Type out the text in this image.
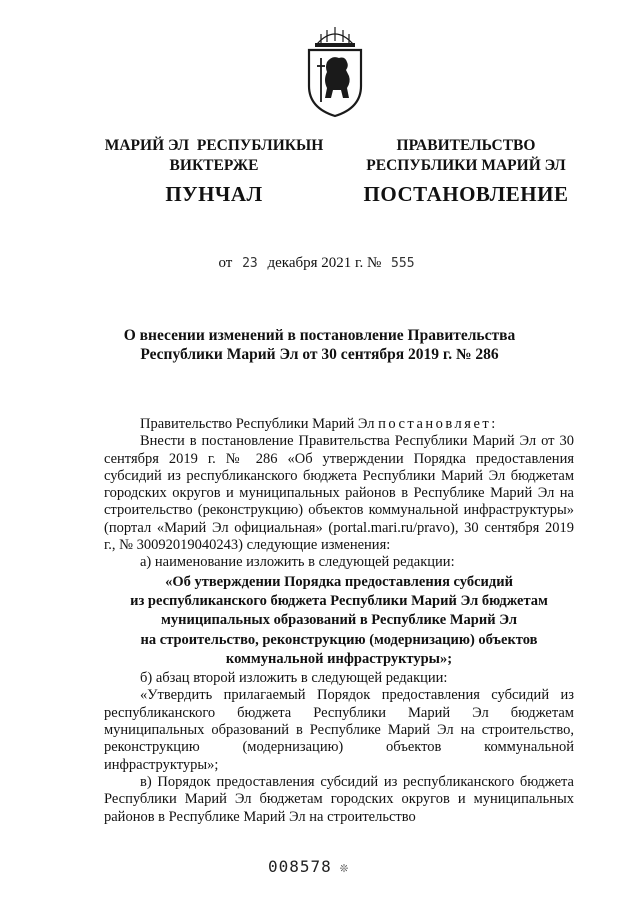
МАРИЙ ЭЛ  РЕСПУБЛИКЫН
ВИКТЕРЖЕ
ПУНЧАЛ
ПРАВИТЕЛЬСТВО
РЕСПУБЛИКИ МАРИЙ ЭЛ
ПОСТАНОВЛЕНИЕ
от 23 декабря 2021 г. № 555
О внесении изменений в постановление Правительства
Республики Марий Эл от 30 сентября 2019 г. № 286

Правительство Республики Марий Эл постановляет:

Внести в постановление Правительства Республики Марий Эл от 30 сентября 2019 г. № 286 «Об утверждении Порядка предоставления субсидий из республиканского бюджета Республики Марий Эл бюджетам городских округов и муниципальных районов в Республике Марий Эл на строительство (реконструкцию) объектов коммунальной инфраструктуры» (портал «Марий Эл официальная» (portal.mari.ru/pravo), 30 сентября 2019 г., № 30092019040243) следующие изменения:

а) наименование изложить в следующей редакции:

«Об утверждении Порядка предоставления субсидий

из республиканского бюджета Республики Марий Эл бюджетам

муниципальных образований в Республике Марий Эл

на строительство, реконструкцию (модернизацию) объектов

коммунальной инфраструктуры»;

б) абзац второй изложить в следующей редакции:

«Утвердить прилагаемый Порядок предоставления субсидий из республиканского бюджета Республики Марий Эл бюджетам муниципальных образований в Республике Марий Эл на строительство, реконструкцию (модернизацию) объектов коммунальной инфраструктуры»;

в) Порядок предоставления субсидий из республиканского бюджета Республики Марий Эл бюджетам городских округов и муниципальных районов в Республике Марий Эл на строительство

008578 ❊
